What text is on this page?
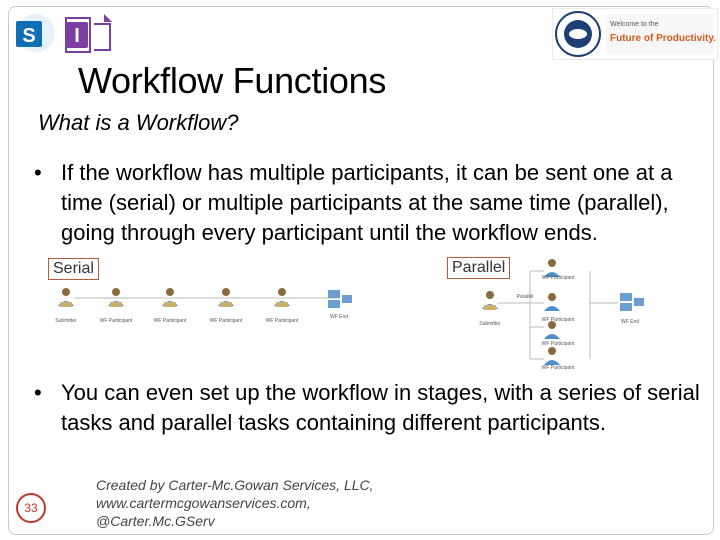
S I
Welcome to the
Future of Productivity.
Workflow Functions
What is a Workflow?
• If the workflow has multiple participants, it can be sent one at a time (serial) or multiple participants at the same time (parallel), going through every participant until the workflow ends.
Submitter	WF Participant	WF Participant	WF Participant	WF Participant
WF End
Serial
Submitter
Parallel
WF Participant
WF Participant
WF Participant
WF Participant
WF End
Parallel
• You can even set up the workflow in stages, with a series of serial tasks and parallel tasks containing different participants.
33
Created by Carter-Mc.Gowan Services, LLC, www.cartermcgowanservices.com, @Carter.Mc.GServ
